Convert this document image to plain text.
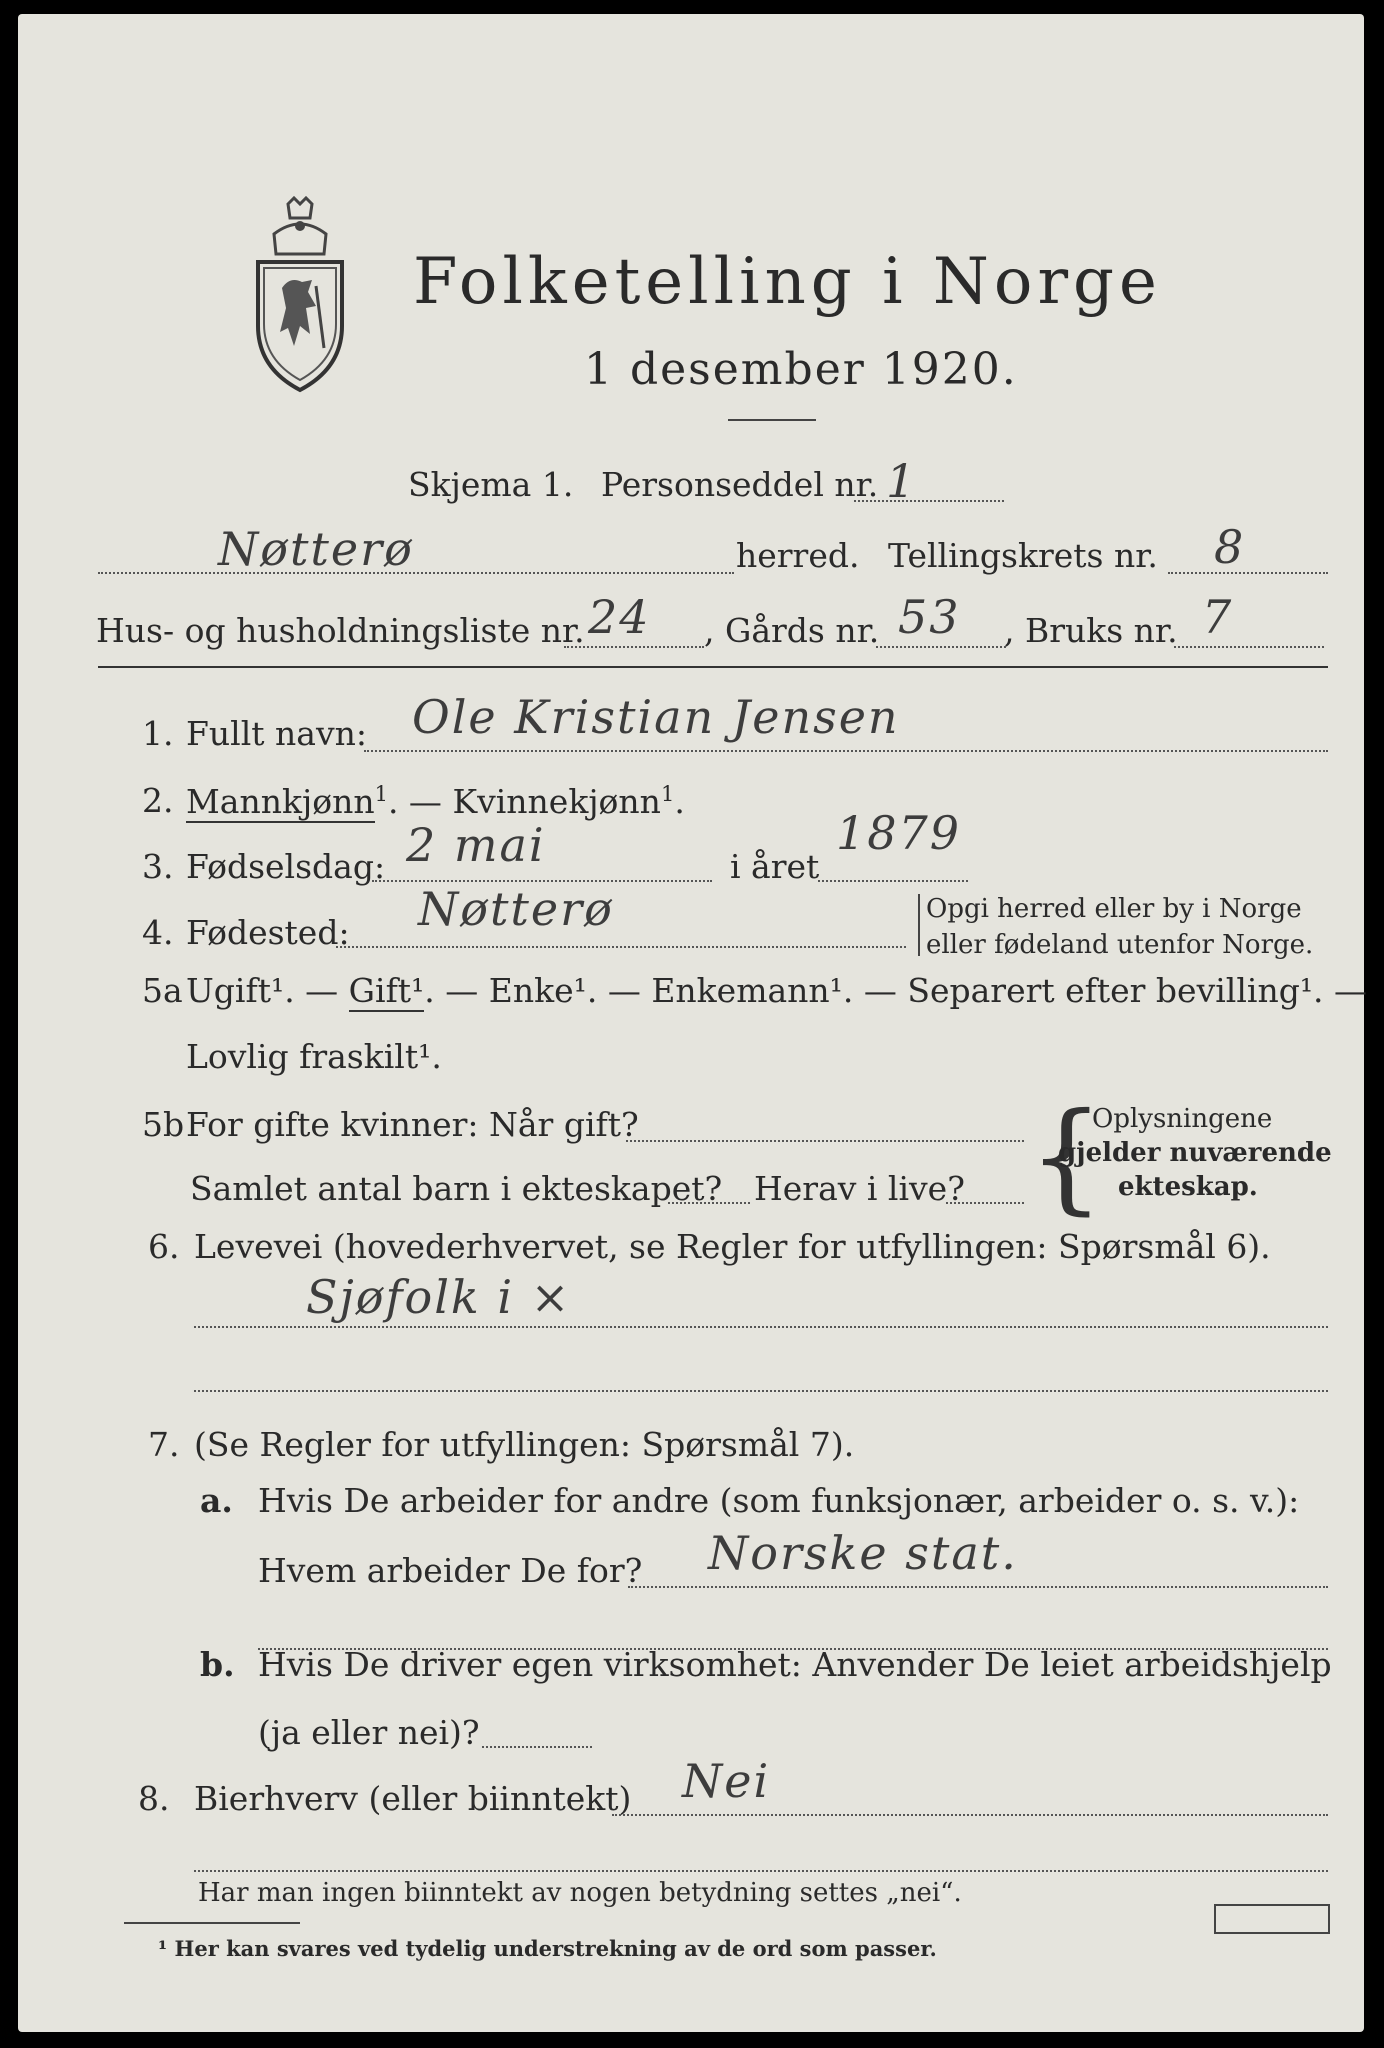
Folketelling i Norge
1 desember 1920.
Skjema 1. Personseddel nr. 1
Nøtterø	herred. Tellingskrets nr. 8
Hus- og husholdningsliste nr. 24 , Gårds nr. 53 , Bruks nr. 7
1. Fullt navn: Ole Kristian Jensen
2. Mannkjønn$^1$. — Kvinnekjønn$^1$.
3. Fødselsdag: 2 mai	i året
1879
4. Fødested: Nøtterø	Opgi herred eller by i Norge
eller fødeland utenfor Norge.
5a Ugift¹. — Gift¹. — Enke¹. — Enkemann¹. — Separert efter bevilling¹. —
Lovlig fraskilt¹.
5b For gifte kvinner: Når gift?
Samlet antal barn i ekteskapet? Herav i live? {
Oplysningene
gjelder nuværende
ekteskap.
6. Levevei (hovederhvervet, se Regler for utfyllingen: Spørsmål 6).
Sjøfolk i ⨯
7. (Se Regler for utfyllingen: Spørsmål 7).
a. Hvis De arbeider for andre (som funksjonær, arbeider o. s. v.):
Hvem arbeider De for? Norske stat.
b. Hvis De driver egen virksomhet: Anvender De leiet arbeidshjelp
(ja eller nei)?
8. Bierhverv (eller biinntekt) Nei
Har man ingen biinntekt av nogen betydning settes „nei“.
¹ Her kan svares ved tydelig understrekning av de ord som passer.
